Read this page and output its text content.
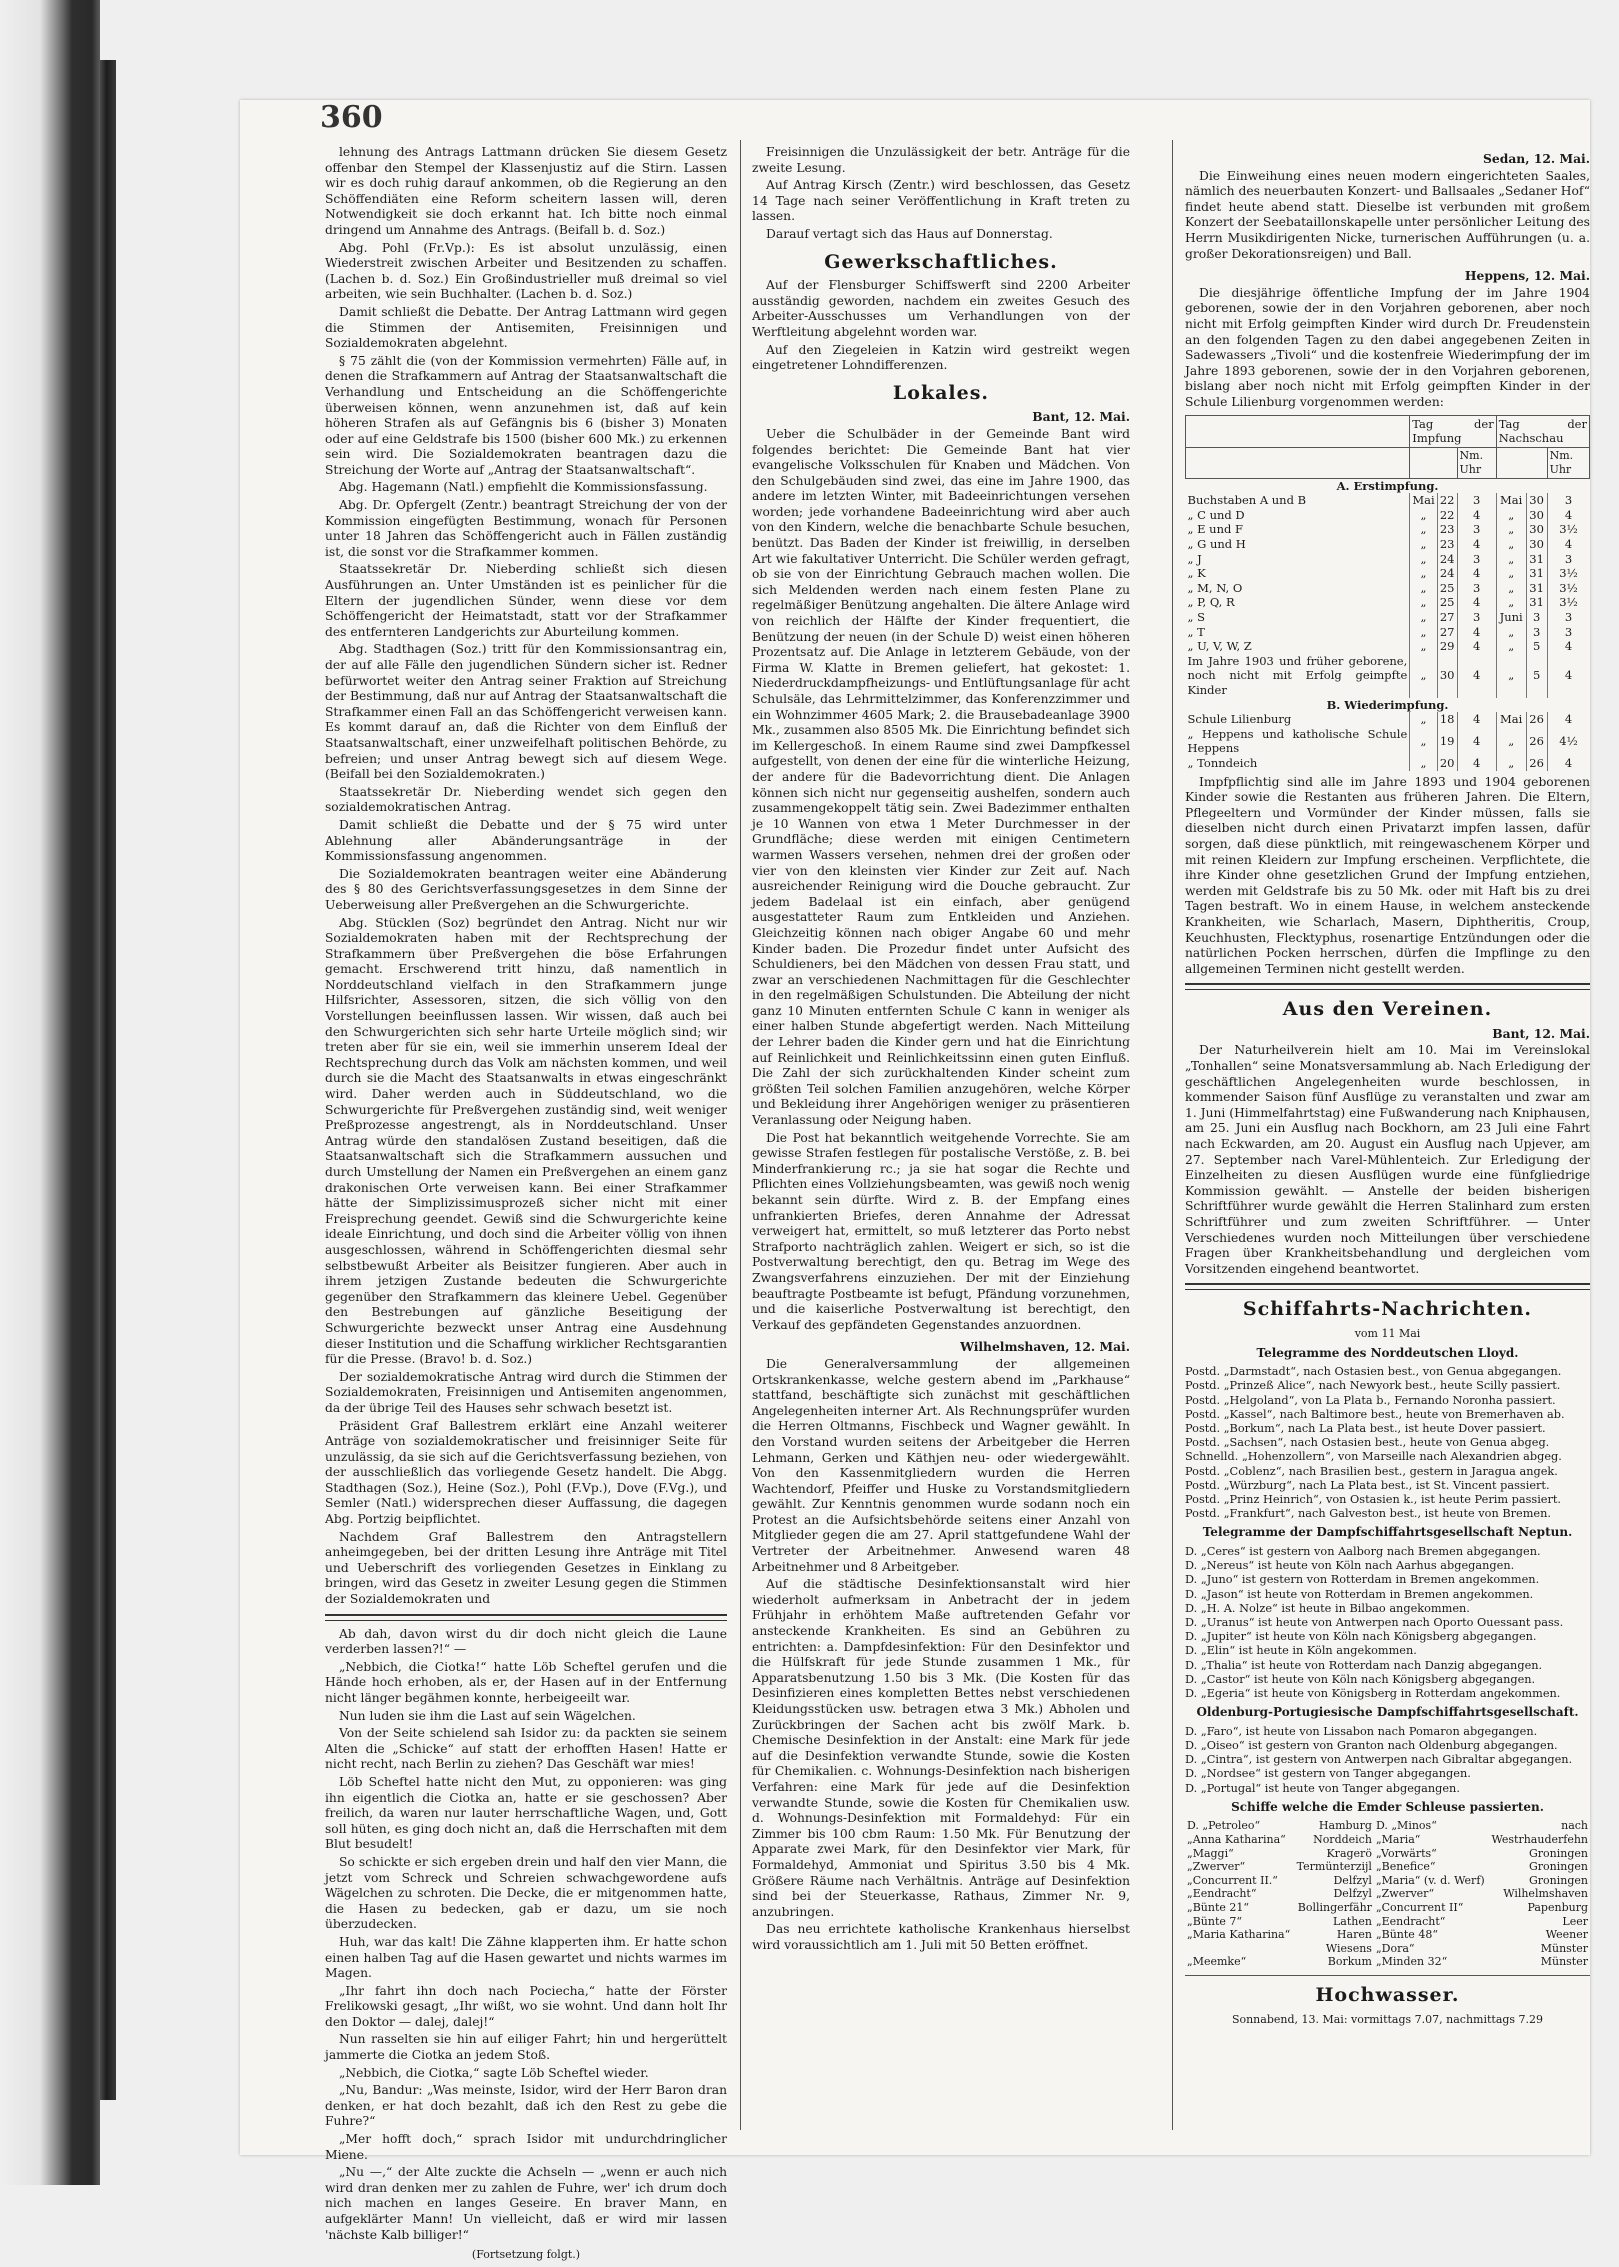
360

lehnung des Antrags Lattmann drücken Sie diesem Gesetz offenbar den Stempel der Klassenjustiz auf die Stirn. Lassen wir es doch ruhig darauf ankommen, ob die Regierung an den Schöffendiäten eine Reform scheitern lassen will, deren Notwendigkeit sie doch erkannt hat. Ich bitte noch einmal dringend um Annahme des Antrags. (Beifall b. d. Soz.)

Abg. Pohl (Fr.Vp.): Es ist absolut unzulässig, einen Wiederstreit zwischen Arbeiter und Besitzenden zu schaffen. (Lachen b. d. Soz.) Ein Großindustrieller muß dreimal so viel arbeiten, wie sein Buchhalter. (Lachen b. d. Soz.)

Damit schließt die Debatte. Der Antrag Lattmann wird gegen die Stimmen der Antisemiten, Freisinnigen und Sozialdemokraten abgelehnt.

§ 75 zählt die (von der Kommission vermehrten) Fälle auf, in denen die Strafkammern auf Antrag der Staatsanwaltschaft die Verhandlung und Entscheidung an die Schöffengerichte überweisen können, wenn anzunehmen ist, daß auf kein höheren Strafen als auf Gefängnis bis 6 (bisher 3) Monaten oder auf eine Geldstrafe bis 1500 (bisher 600 Mk.) zu erkennen sein wird. Die Sozialdemokraten beantragen dazu die Streichung der Worte auf „Antrag der Staatsanwaltschaft“.

Abg. Hagemann (Natl.) empfiehlt die Kommissionsfassung.

Abg. Dr. Opfergelt (Zentr.) beantragt Streichung der von der Kommission eingefügten Bestimmung, wonach für Personen unter 18 Jahren das Schöffengericht auch in Fällen zuständig ist, die sonst vor die Strafkammer kommen.

Staatssekretär Dr. Nieberding schließt sich diesen Ausführungen an. Unter Umständen ist es peinlicher für die Eltern der jugendlichen Sünder, wenn diese vor dem Schöffengericht der Heimatstadt, statt vor der Strafkammer des entfernteren Landgerichts zur Aburteilung kommen.

Abg. Stadthagen (Soz.) tritt für den Kommissionsantrag ein, der auf alle Fälle den jugendlichen Sündern sicher ist. Redner befürwortet weiter den Antrag seiner Fraktion auf Streichung der Bestimmung, daß nur auf Antrag der Staatsanwaltschaft die Strafkammer einen Fall an das Schöffengericht verweisen kann. Es kommt darauf an, daß die Richter von dem Einfluß der Staatsanwaltschaft, einer unzweifelhaft politischen Behörde, zu befreien; und unser Antrag bewegt sich auf diesem Wege. (Beifall bei den Sozialdemokraten.)

Staatssekretär Dr. Nieberding wendet sich gegen den sozialdemokratischen Antrag.

Damit schließt die Debatte und der § 75 wird unter Ablehnung aller Abänderungsanträge in der Kommissionsfassung angenommen.

Die Sozialdemokraten beantragen weiter eine Abänderung des § 80 des Gerichtsverfassungsgesetzes in dem Sinne der Ueberweisung aller Preßvergehen an die Schwurgerichte.

Abg. Stücklen (Soz) begründet den Antrag. Nicht nur wir Sozialdemokraten haben mit der Rechtsprechung der Strafkammern über Preßvergehen die böse Erfahrungen gemacht. Erschwerend tritt hinzu, daß namentlich in Norddeutschland vielfach in den Strafkammern junge Hilfsrichter, Assessoren, sitzen, die sich völlig von den Vorstellungen beeinflussen lassen. Wir wissen, daß auch bei den Schwurgerichten sich sehr harte Urteile möglich sind; wir treten aber für sie ein, weil sie immerhin unserem Ideal der Rechtsprechung durch das Volk am nächsten kommen, und weil durch sie die Macht des Staatsanwalts in etwas eingeschränkt wird. Daher werden auch in Süddeutschland, wo die Schwurgerichte für Preßvergehen zuständig sind, weit weniger Preßprozesse angestrengt, als in Norddeutschland. Unser Antrag würde den standalösen Zustand beseitigen, daß die Staatsanwaltschaft sich die Strafkammern aussuchen und durch Umstellung der Namen ein Preßvergehen an einem ganz drakonischen Orte verweisen kann. Bei einer Strafkammer hätte der Simplizissimusprozeß sicher nicht mit einer Freisprechung geendet. Gewiß sind die Schwurgerichte keine ideale Einrichtung, und doch sind die Arbeiter völlig von ihnen ausgeschlossen, während in Schöffengerichten diesmal sehr selbstbewußt Arbeiter als Beisitzer fungieren. Aber auch in ihrem jetzigen Zustande bedeuten die Schwurgerichte gegenüber den Strafkammern das kleinere Uebel. Gegenüber den Bestrebungen auf gänzliche Beseitigung der Schwurgerichte bezweckt unser Antrag eine Ausdehnung dieser Institution und die Schaffung wirklicher Rechtsgarantien für die Presse. (Bravo! b. d. Soz.)

Der sozialdemokratische Antrag wird durch die Stimmen der Sozialdemokraten, Freisinnigen und Antisemiten angenommen, da der übrige Teil des Hauses sehr schwach besetzt ist.

Präsident Graf Ballestrem erklärt eine Anzahl weiterer Anträge von sozialdemokratischer und freisinniger Seite für unzulässig, da sie sich auf die Gerichtsverfassung beziehen, von der ausschließlich das vorliegende Gesetz handelt. Die Abgg. Stadthagen (Soz.), Heine (Soz.), Pohl (F.Vp.), Dove (F.Vg.), und Semler (Natl.) widersprechen dieser Auffassung, die dagegen Abg. Portzig beipflichtet.

Nachdem Graf Ballestrem den Antragstellern anheimgegeben, bei der dritten Lesung ihre Anträge mit Titel und Ueberschrift des vorliegenden Gesetzes in Einklang zu bringen, wird das Gesetz in zweiter Lesung gegen die Stimmen der Sozialdemokraten und

Ab dah, davon wirst du dir doch nicht gleich die Laune verderben lassen?!“ —

„Nebbich, die Ciotka!“ hatte Löb Scheftel gerufen und die Hände hoch erhoben, als er, der Hasen auf in der Entfernung nicht länger begähmen konnte, herbeigeeilt war.

Nun luden sie ihm die Last auf sein Wägelchen.

Von der Seite schielend sah Isidor zu: da packten sie seinem Alten die „Schicke“ auf statt der erhofften Hasen! Hatte er nicht recht, nach Berlin zu ziehen? Das Geschäft war mies!

Löb Scheftel hatte nicht den Mut, zu opponieren: was ging ihn eigentlich die Ciotka an, hatte er sie geschossen? Aber freilich, da waren nur lauter herrschaftliche Wagen, und, Gott soll hüten, es ging doch nicht an, daß die Herrschaften mit dem Blut besudelt!

So schickte er sich ergeben drein und half den vier Mann, die jetzt vom Schreck und Schreien schwachgewordene aufs Wägelchen zu schroten. Die Decke, die er mitgenommen hatte, die Hasen zu bedecken, gab er dazu, um sie noch überzudecken.

Huh, war das kalt! Die Zähne klapperten ihm. Er hatte schon einen halben Tag auf die Hasen gewartet und nichts warmes im Magen.

„Ihr fahrt ihn doch nach Pociecha,“ hatte der Förster Frelikowski gesagt, „Ihr wißt, wo sie wohnt. Und dann holt Ihr den Doktor — dalej, dalej!“

Nun rasselten sie hin auf eiliger Fahrt; hin und hergerüttelt jammerte die Ciotka an jedem Stoß.

„Nebbich, die Ciotka,“ sagte Löb Scheftel wieder.

„Nu, Bandur: „Was meinste, Isidor, wird der Herr Baron dran denken, er hat doch bezahlt, daß ich den Rest zu gebe die Fuhre?“

„Mer hofft doch,“ sprach Isidor mit undurchdringlicher Miene.

„Nu —,“ der Alte zuckte die Achseln — „wenn er auch nich wird dran denken mer zu zahlen de Fuhre, wer' ich drum doch nich machen en langes Geseire. En braver Mann, en aufgeklärter Mann! Un vielleicht, daß er wird mir lassen 'nächste Kalb billiger!“

(Fortsetzung folgt.)

Freisinnigen die Unzulässigkeit der betr. Anträge für die zweite Lesung.

Auf Antrag Kirsch (Zentr.) wird beschlossen, das Gesetz 14 Tage nach seiner Veröffentlichung in Kraft treten zu lassen.

Darauf vertagt sich das Haus auf Donnerstag.

Gewerkschaftliches.

Auf der Flensburger Schiffswerft sind 2200 Arbeiter ausständig geworden, nachdem ein zweites Gesuch des Arbeiter-Ausschusses um Verhandlungen von der Werftleitung abgelehnt worden war.

Auf den Ziegeleien in Katzin wird gestreikt wegen eingetretener Lohndifferenzen.

Lokales.
Bant, 12. Mai.

Ueber die Schulbäder in der Gemeinde Bant wird folgendes berichtet: Die Gemeinde Bant hat vier evangelische Volksschulen für Knaben und Mädchen. Von den Schulgebäuden sind zwei, das eine im Jahre 1900, das andere im letzten Winter, mit Badeeinrichtungen versehen worden; jede vorhandene Badeeinrichtung wird aber auch von den Kindern, welche die benachbarte Schule besuchen, benützt. Das Baden der Kinder ist freiwillig, in derselben Art wie fakultativer Unterricht. Die Schüler werden gefragt, ob sie von der Einrichtung Gebrauch machen wollen. Die sich Meldenden werden nach einem festen Plane zu regelmäßiger Benützung angehalten. Die ältere Anlage wird von reichlich der Hälfte der Kinder frequentiert, die Benützung der neuen (in der Schule D) weist einen höheren Prozentsatz auf. Die Anlage in letzterem Gebäude, von der Firma W. Klatte in Bremen geliefert, hat gekostet: 1. Niederdruckdampfheizungs- und Entlüftungsanlage für acht Schulsäle, das Lehrmittelzimmer, das Konferenzzimmer und ein Wohnzimmer 4605 Mark; 2. die Brausebadeanlage 3900 Mk., zusammen also 8505 Mk. Die Einrichtung befindet sich im Kellergeschoß. In einem Raume sind zwei Dampfkessel aufgestellt, von denen der eine für die winterliche Heizung, der andere für die Badevorrichtung dient. Die Anlagen können sich nicht nur gegenseitig aushelfen, sondern auch zusammengekoppelt tätig sein. Zwei Badezimmer enthalten je 10 Wannen von etwa 1 Meter Durchmesser in der Grundfläche; diese werden mit einigen Centimetern warmen Wassers versehen, nehmen drei der großen oder vier von den kleinsten vier Kinder zur Zeit auf. Nach ausreichender Reinigung wird die Douche gebraucht. Zur jedem Badelaal ist ein einfach, aber genügend ausgestatteter Raum zum Entkleiden und Anziehen. Gleichzeitig können nach obiger Angabe 60 und mehr Kinder baden. Die Prozedur findet unter Aufsicht des Schuldieners, bei den Mädchen von dessen Frau statt, und zwar an verschiedenen Nachmittagen für die Geschlechter in den regelmäßigen Schulstunden. Die Abteilung der nicht ganz 10 Minuten entfernten Schule C kann in weniger als einer halben Stunde abgefertigt werden. Nach Mitteilung der Lehrer baden die Kinder gern und hat die Einrichtung auf Reinlichkeit und Reinlichkeitssinn einen guten Einfluß. Die Zahl der sich zurückhaltenden Kinder scheint zum größten Teil solchen Familien anzugehören, welche Körper und Bekleidung ihrer Angehörigen weniger zu präsentieren Veranlassung oder Neigung haben.

Die Post hat bekanntlich weitgehende Vorrechte. Sie am gewisse Strafen festlegen für postalische Verstöße, z. B. bei Minderfrankierung rc.; ja sie hat sogar die Rechte und Pflichten eines Vollziehungsbeamten, was gewiß noch wenig bekannt sein dürfte. Wird z. B. der Empfang eines unfrankierten Briefes, deren Annahme der Adressat verweigert hat, ermittelt, so muß letzterer das Porto nebst Strafporto nachträglich zahlen. Weigert er sich, so ist die Postverwaltung berechtigt, den qu. Betrag im Wege des Zwangsverfahrens einzuziehen. Der mit der Einziehung beauftragte Postbeamte ist befugt, Pfändung vorzunehmen, und die kaiserliche Postverwaltung ist berechtigt, den Verkauf des gepfändeten Gegenstandes anzuordnen.

Wilhelmshaven, 12. Mai.

Die Generalversammlung der allgemeinen Ortskrankenkasse, welche gestern abend im „Parkhause“ stattfand, beschäftigte sich zunächst mit geschäftlichen Angelegenheiten interner Art. Als Rechnungsprüfer wurden die Herren Oltmanns, Fischbeck und Wagner gewählt. In den Vorstand wurden seitens der Arbeitgeber die Herren Lehmann, Gerken und Käthjen neu- oder wiedergewählt. Von den Kassenmitgliedern wurden die Herren Wachtendorf, Pfeiffer und Huske zu Vorstandsmitgliedern gewählt. Zur Kenntnis genommen wurde sodann noch ein Protest an die Aufsichtsbehörde seitens einer Anzahl von Mitglieder gegen die am 27. April stattgefundene Wahl der Vertreter der Arbeitnehmer. Anwesend waren 48 Arbeitnehmer und 8 Arbeitgeber.

Auf die städtische Desinfektionsanstalt wird hier wiederholt aufmerksam in Anbetracht der in jedem Frühjahr in erhöhtem Maße auftretenden Gefahr vor ansteckende Krankheiten. Es sind an Gebühren zu entrichten: a. Dampfdesinfektion: Für den Desinfektor und die Hülfskraft für jede Stunde zusammen 1 Mk., für Apparatsbenutzung 1.50 bis 3 Mk. (Die Kosten für das Desinfizieren eines kompletten Bettes nebst verschiedenen Kleidungsstücken usw. betragen etwa 3 Mk.) Abholen und Zurückbringen der Sachen acht bis zwölf Mark. b. Chemische Desinfektion in der Anstalt: eine Mark für jede auf die Desinfektion verwandte Stunde, sowie die Kosten für Chemikalien. c. Wohnungs-Desinfektion nach bisherigen Verfahren: eine Mark für jede auf die Desinfektion verwandte Stunde, sowie die Kosten für Chemikalien usw. d. Wohnungs-Desinfektion mit Formaldehyd: Für ein Zimmer bis 100 cbm Raum: 1.50 Mk. Für Benutzung der Apparate zwei Mark, für den Desinfektor vier Mark, für Formaldehyd, Ammoniat und Spiritus 3.50 bis 4 Mk. Größere Räume nach Verhältnis. Anträge auf Desinfektion sind bei der Steuerkasse, Rathaus, Zimmer Nr. 9, anzubringen.

Das neu errichtete katholische Krankenhaus hierselbst wird voraussichtlich am 1. Juli mit 50 Betten eröffnet.

Sedan, 12. Mai.

Die Einweihung eines neuen modern eingerichteten Saales, nämlich des neuerbauten Konzert- und Ballsaales „Sedaner Hof“ findet heute abend statt. Dieselbe ist verbunden mit großem Konzert der Seebataillonskapelle unter persönlicher Leitung des Herrn Musikdirigenten Nicke, turnerischen Aufführungen (u. a. großer Dekorationsreigen) und Ball.

Heppens, 12. Mai.

Die diesjährige öffentliche Impfung der im Jahre 1904 geborenen, sowie der in den Vorjahren geborenen, aber noch nicht mit Erfolg geimpften Kinder wird durch Dr. Freudenstein an den folgenden Tagen zu den dabei angegebenen Zeiten in Sadewassers „Tivoli“ und die kostenfreie Wiederimpfung der im Jahre 1893 geborenen, sowie der in den Vorjahren geborenen, bislang aber noch nicht mit Erfolg geimpften Kinder in der Schule Lilienburg vorgenommen werden:

	Tag der Impfung			Tag der Nachschau		
			Nm. Uhr			Nm. Uhr
A. Erstimpfung.						
Buchstaben A und B	Mai	22	3	Mai	30	3
„ C und D	„	22	4	„	30	4
„ E und F	„	23	3	„	30	3½
„ G und H	„	23	4	„	30	4
„ J	„	24	3	„	31	3
„ K	„	24	4	„	31	3½
„ M, N, O	„	25	3	„	31	3½
„ P, Q, R	„	25	4	„	31	3½
„ S	„	27	3	Juni	3	3
„ T	„	27	4	„	3	3
„ U, V, W, Z	„	29	4	„	5	4
Im Jahre 1903 und früher geborene, noch nicht mit Erfolg geimpfte Kinder	„	30	4	„	5	4
B. Wiederimpfung.						
Schule Lilienburg	„	18	4	Mai	26	4
„ Heppens und katholische Schule Heppens	„	19	4	„	26	4½
„ Tonndeich	„	20	4	„	26	4

Impfpflichtig sind alle im Jahre 1893 und 1904 geborenen Kinder sowie die Restanten aus früheren Jahren. Die Eltern, Pflegeeltern und Vormünder der Kinder müssen, falls sie dieselben nicht durch einen Privatarzt impfen lassen, dafür sorgen, daß diese pünktlich, mit reingewaschenem Körper und mit reinen Kleidern zur Impfung erscheinen. Verpflichtete, die ihre Kinder ohne gesetzlichen Grund der Impfung entziehen, werden mit Geldstrafe bis zu 50 Mk. oder mit Haft bis zu drei Tagen bestraft. Wo in einem Hause, in welchem ansteckende Krankheiten, wie Scharlach, Masern, Diphtheritis, Croup, Keuchhusten, Flecktyphus, rosenartige Entzündungen oder die natürlichen Pocken herrschen, dürfen die Impflinge zu den allgemeinen Terminen nicht gestellt werden.

Aus den Vereinen.
Bant, 12. Mai.

Der Naturheilverein hielt am 10. Mai im Vereinslokal „Tonhallen“ seine Monatsversammlung ab. Nach Erledigung der geschäftlichen Angelegenheiten wurde beschlossen, in kommender Saison fünf Ausflüge zu veranstalten und zwar am 1. Juni (Himmelfahrtstag) eine Fußwanderung nach Kniphausen, am 25. Juni ein Ausflug nach Bockhorn, am 23 Juli eine Fahrt nach Eckwarden, am 20. August ein Ausflug nach Upjever, am 27. September nach Varel-Mühlenteich. Zur Erledigung der Einzelheiten zu diesen Ausflügen wurde eine fünfgliedrige Kommission gewählt. — Anstelle der beiden bisherigen Schriftführer wurde gewählt die Herren Stalinhard zum ersten Schriftführer und zum zweiten Schriftführer. — Unter Verschiedenes wurden noch Mitteilungen über verschiedene Fragen über Krankheitsbehandlung und dergleichen vom Vorsitzenden eingehend beantwortet.

Schiffahrts-Nachrichten.
vom 11 Mai
Telegramme des Norddeutschen Lloyd.

Postd. „Darmstadt“, nach Ostasien best., von Genua abgegangen.

Postd. „Prinzeß Alice“, nach Newyork best., heute Scilly passiert.

Postd. „Helgoland“, von La Plata b., Fernando Noronha passiert.

Postd. „Kassel“, nach Baltimore best., heute von Bremerhaven ab.

Postd. „Borkum“, nach La Plata best., ist heute Dover passiert.

Postd. „Sachsen“, nach Ostasien best., heute von Genua abgeg.

Schnelld. „Hohenzollern“, von Marseille nach Alexandrien abgeg.

Postd. „Coblenz“, nach Brasilien best., gestern in Jaragua angek.

Postd. „Würzburg“, nach La Plata best., ist St. Vincent passiert.

Postd. „Prinz Heinrich“, von Ostasien k., ist heute Perim passiert.

Postd. „Frankfurt“, nach Galveston best., ist heute von Bremen.

Telegramme der Dampfschiffahrtsgesellschaft Neptun.

D. „Ceres“ ist gestern von Aalborg nach Bremen abgegangen.

D. „Nereus“ ist heute von Köln nach Aarhus abgegangen.

D. „Juno“ ist gestern von Rotterdam in Bremen angekommen.

D. „Jason“ ist heute von Rotterdam in Bremen angekommen.

D. „H. A. Nolze“ ist heute in Bilbao angekommen.

D. „Uranus“ ist heute von Antwerpen nach Oporto Ouessant pass.

D. „Jupiter“ ist heute von Köln nach Königsberg abgegangen.

D. „Elin“ ist heute in Köln angekommen.

D. „Thalia“ ist heute von Rotterdam nach Danzig abgegangen.

D. „Castor“ ist heute von Köln nach Königsberg abgegangen.

D. „Egeria“ ist heute von Königsberg in Rotterdam angekommen.

Oldenburg-Portugiesische Dampfschiffahrtsgesellschaft.

D. „Faro“, ist heute von Lissabon nach Pomaron abgegangen.

D. „Oiseo“ ist gestern von Granton nach Oldenburg abgegangen.

D. „Cintra“, ist gestern von Antwerpen nach Gibraltar abgegangen.

D. „Nordsee“ ist gestern von Tanger abgegangen.

D. „Portugal“ ist heute von Tanger abgegangen.

Schiffe welche die Emder Schleuse passierten.
D. „Petroleo“	Hamburg	D. „Minos“	nach
„Anna Katharina“	Norddeich	„Maria“	Westrhauderfehn
„Maggi“	Kragerö	„Vorwärts“	Groningen
„Zwerver“	Termünterzijl	„Benefice“	Groningen
„Concurrent II.“	Delfzyl	„Maria“ (v. d. Werf)	Groningen
„Eendracht“	Delfzyl	„Zwerver“	Wilhelmshaven
„Bünte 21“	Bollingerfähr	„Concurrent II“	Papenburg
„Bünte 7“	Lathen	„Eendracht“	Leer
„Maria Katharina“	Haren	„Bünte 48“	Weener
	Wiesens	„Dora“	Münster
„Meemke“	Borkum	„Minden 32“	Münster
Hochwasser.
Sonnabend, 13. Mai: vormittags 7.07, nachmittags 7.29
